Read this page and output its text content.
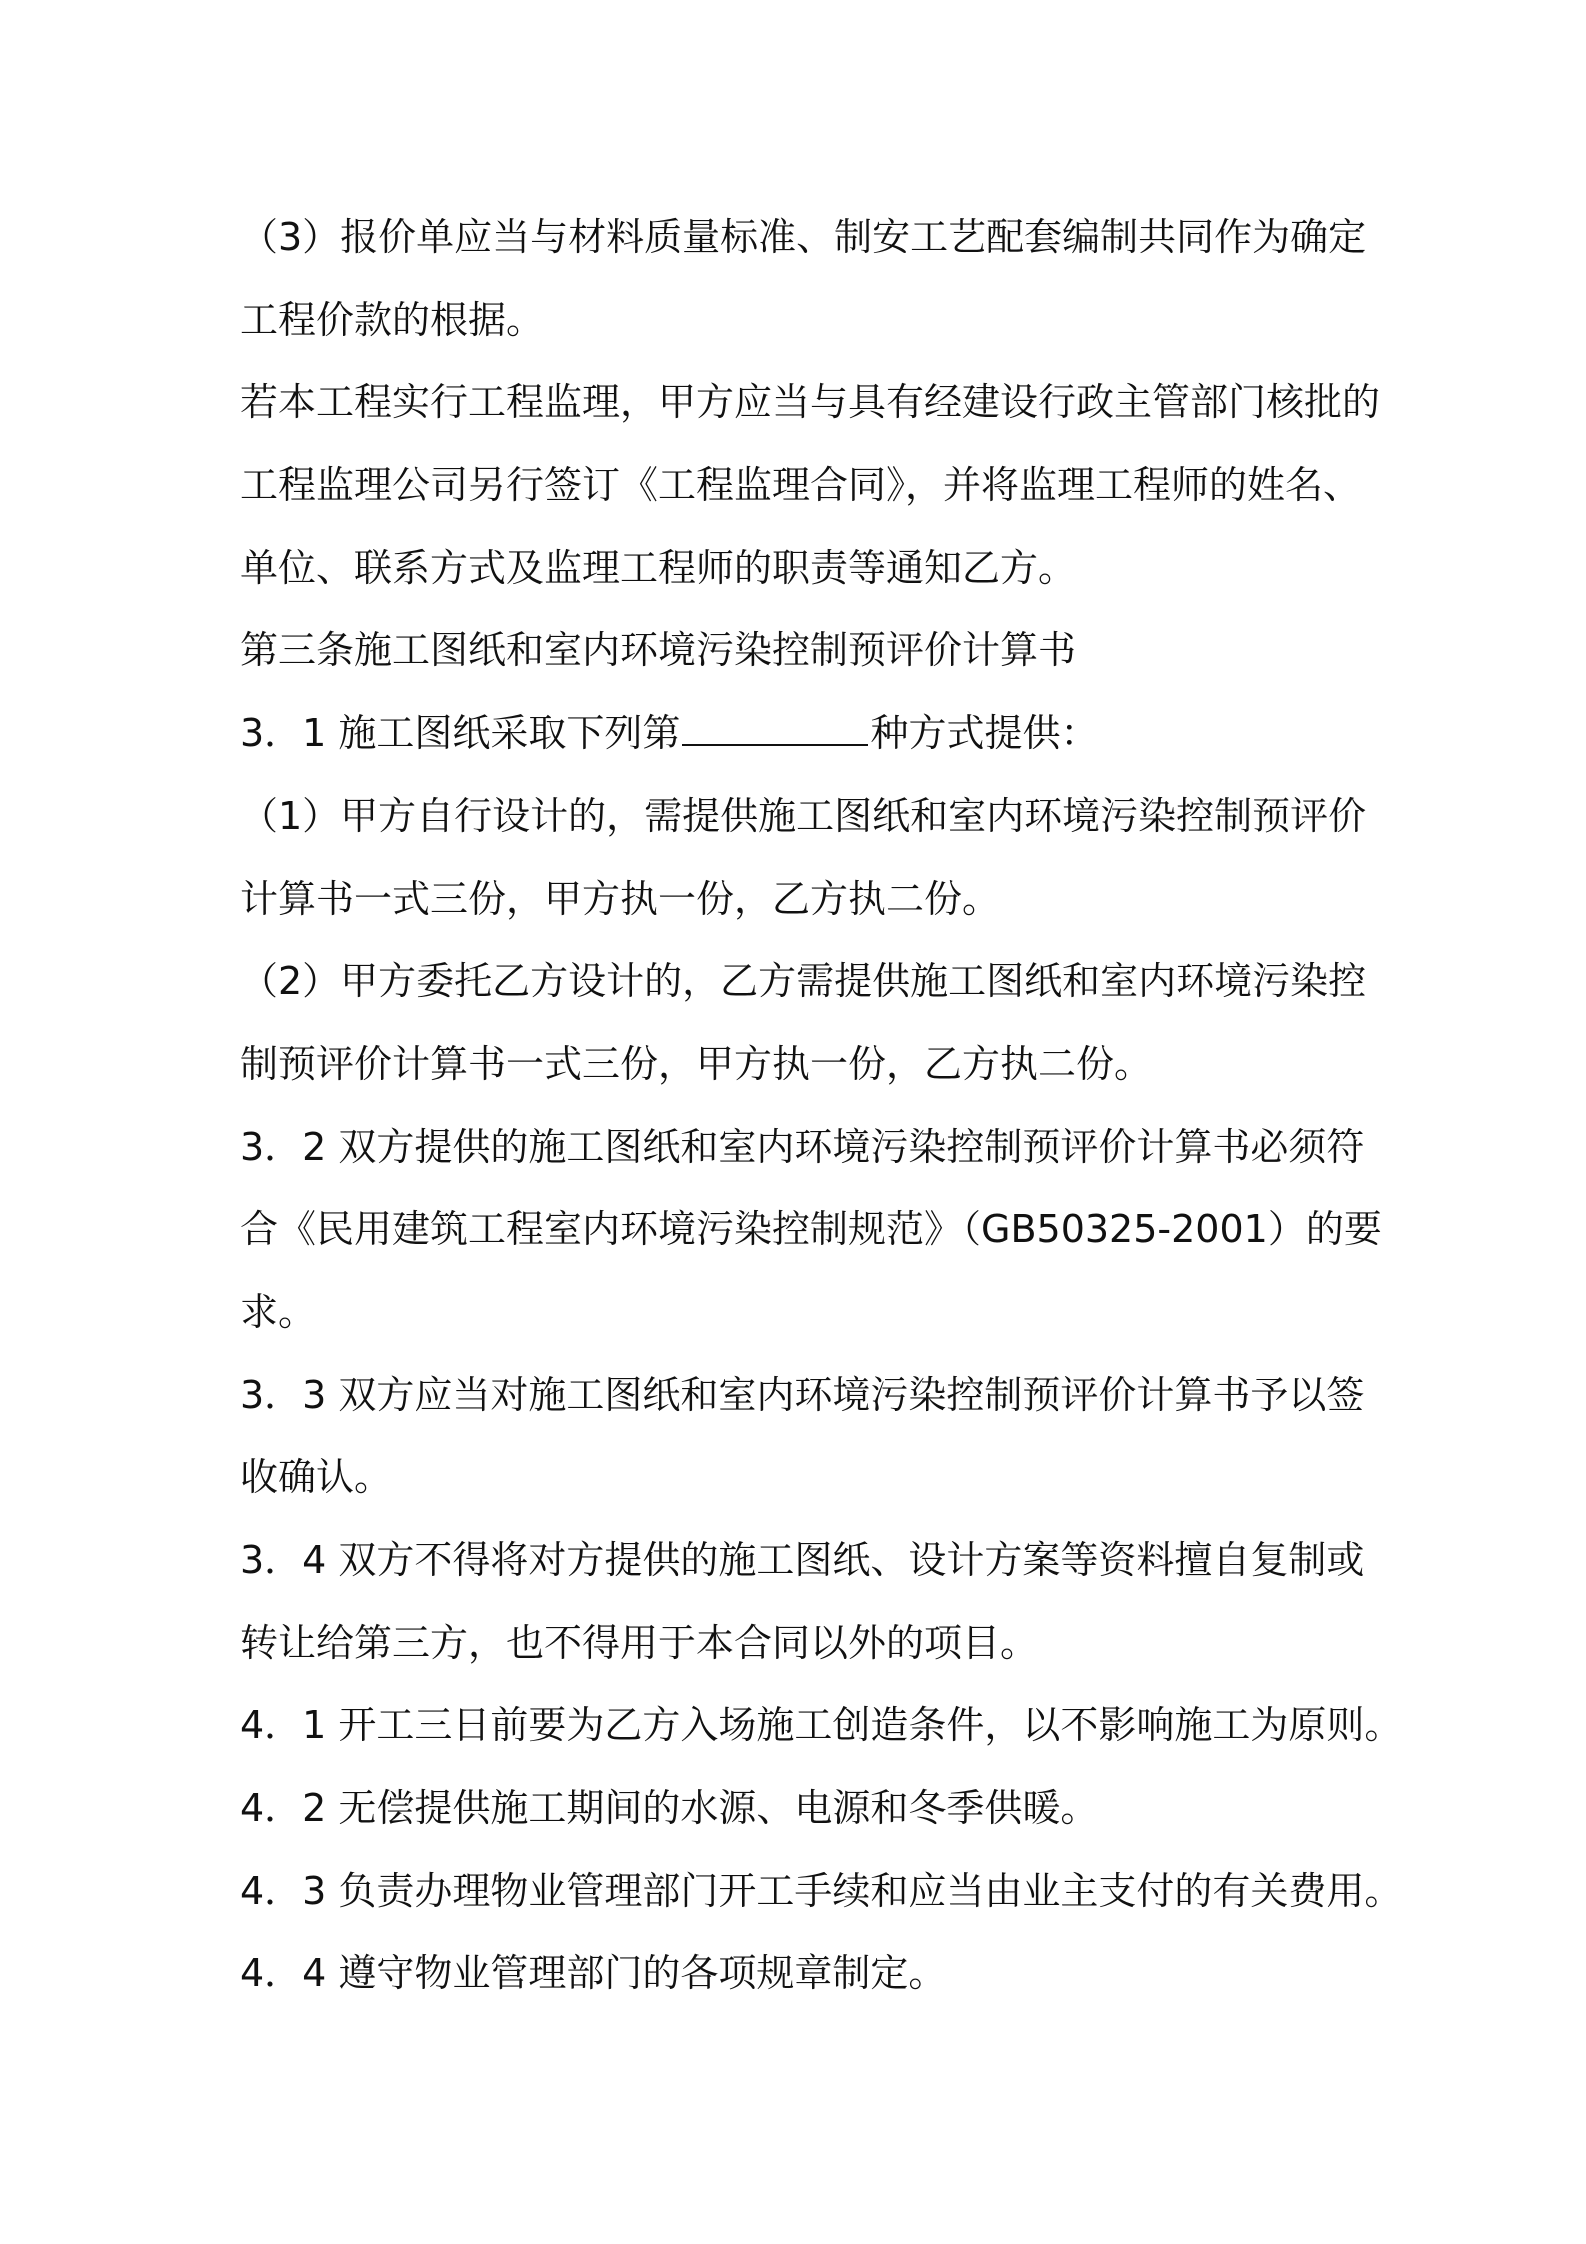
（3）报价单应当与材料质量标准、制安工艺配套编制共同作为确定
工程价款的根据。
若本工程实行工程监理，甲方应当与具有经建设行政主管部门核批的
工程监理公司另行签订《工程监理合同》，并将监理工程师的姓名、
单位、联系方式及监理工程师的职责等通知乙方。
第三条施工图纸和室内环境污染控制预评价计算书
3．1 施工图纸采取下列第	种方式提供：
（1）甲方自行设计的，需提供施工图纸和室内环境污染控制预评价
计算书一式三份，甲方执一份，乙方执二份。
（2）甲方委托乙方设计的，乙方需提供施工图纸和室内环境污染控
制预评价计算书一式三份，甲方执一份，乙方执二份。
3．2 双方提供的施工图纸和室内环境污染控制预评价计算书必须符
合《民用建筑工程室内环境污染控制规范》（GB50325-2001）的要
求。
3．3 双方应当对施工图纸和室内环境污染控制预评价计算书予以签
收确认。
3．4 双方不得将对方提供的施工图纸、设计方案等资料擅自复制或
转让给第三方，也不得用于本合同以外的项目。
4．1 开工三日前要为乙方入场施工创造条件，以不影响施工为原则。
4．2 无偿提供施工期间的水源、电源和冬季供暖。
4．3 负责办理物业管理部门开工手续和应当由业主支付的有关费用。
4．4 遵守物业管理部门的各项规章制定。
